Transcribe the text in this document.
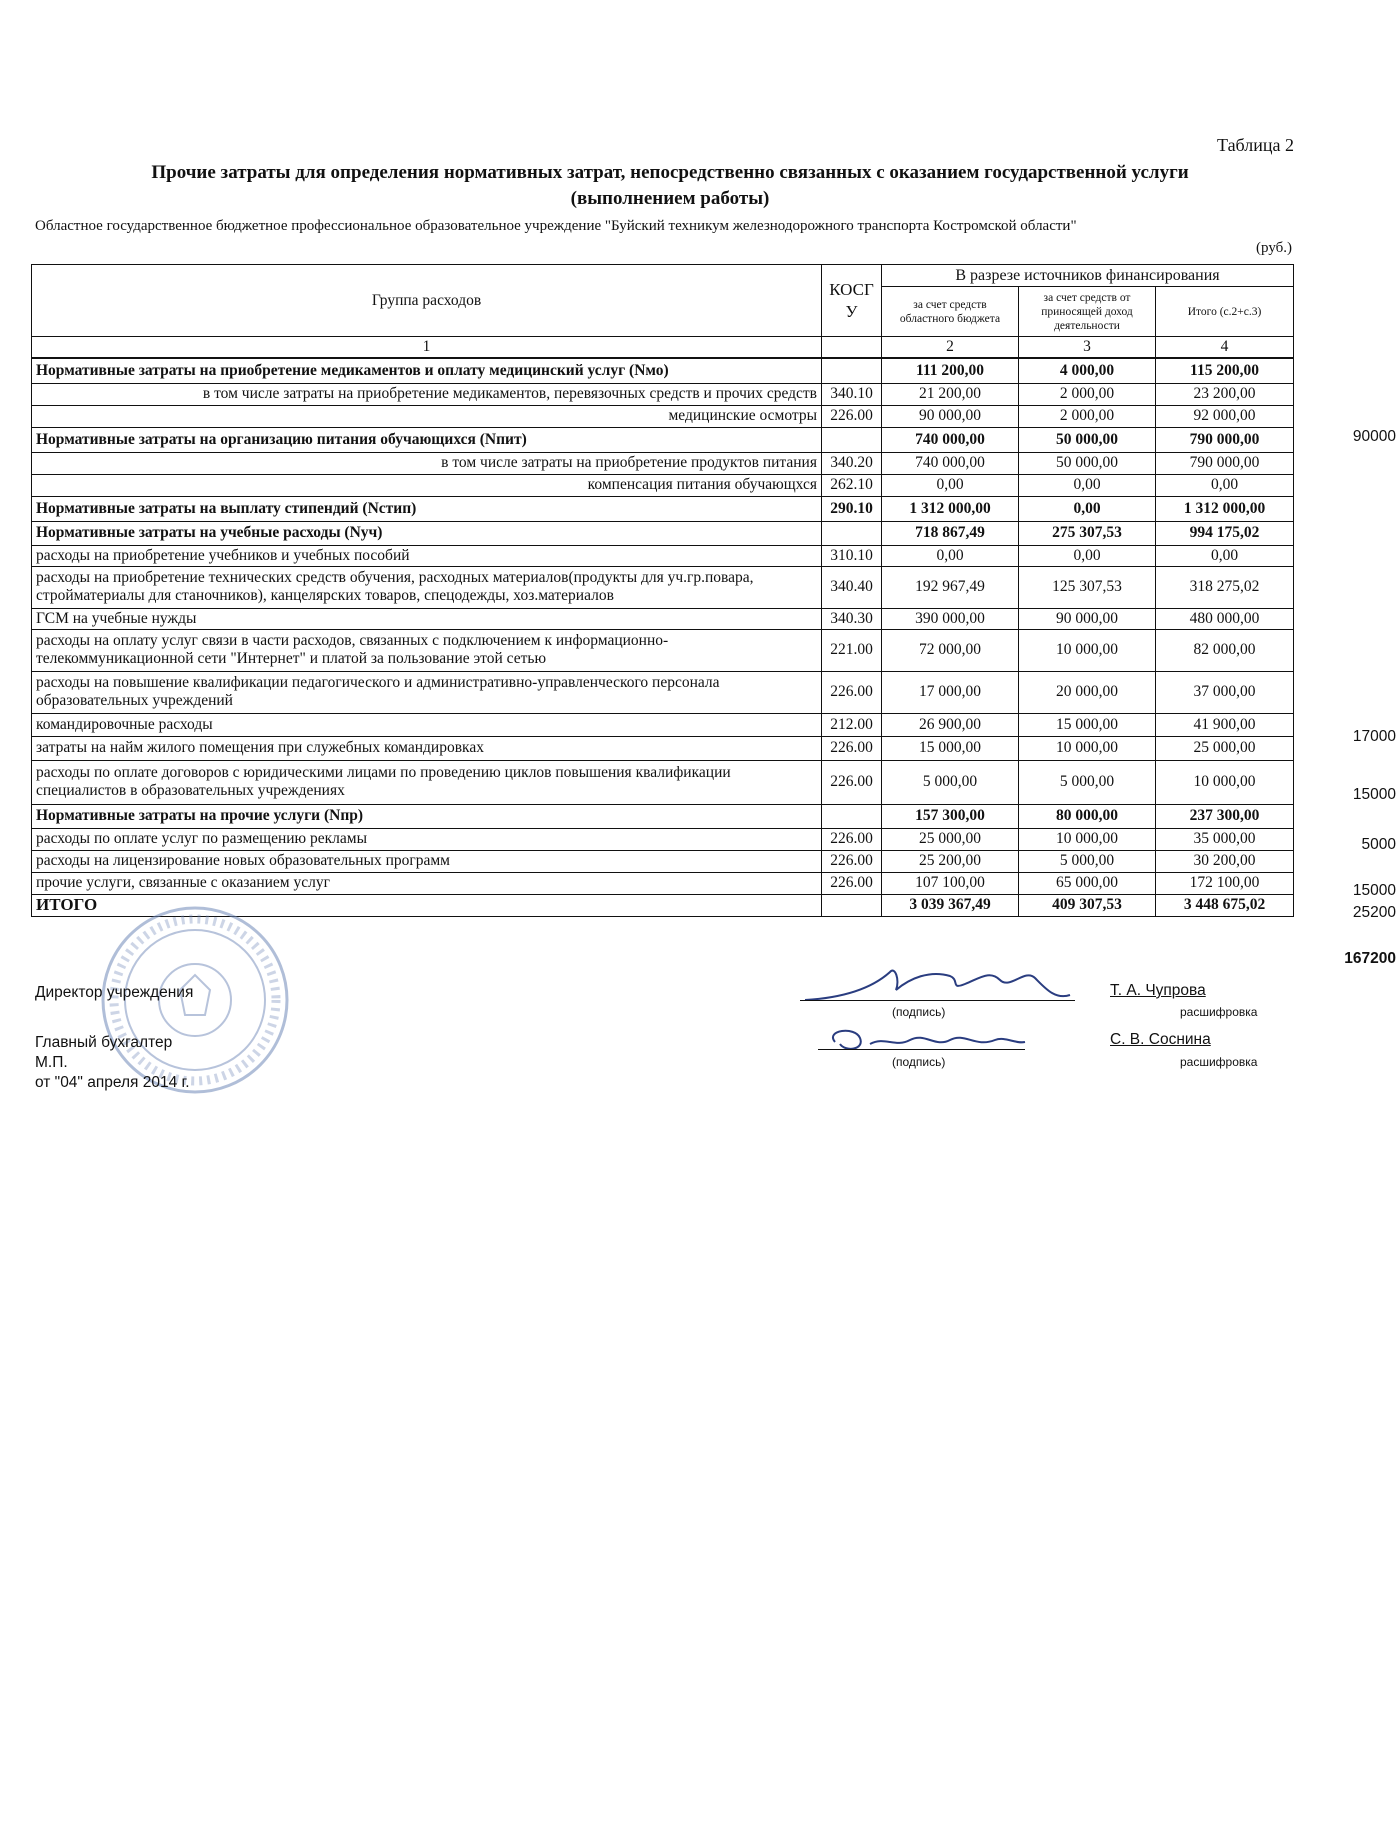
Таблица 2
Прочие затраты для определения нормативных затрат, непосредственно связанных с оказанием государственной услуги
(выполнением работы)
Областное государственное бюджетное профессиональное образовательное учреждение "Буйский техникум железнодорожного транспорта Костромской области"
(руб.)
Группа расходов	КОСГУ	В разрезе источников финансирования		
		за счет средств областного бюджета	за счет средств от приносящей доход деятельности	Итого (с.2+с.3)
1		2	3	4
Нормативные затраты на приобретение медикаментов и оплату медицинский услуг (Nмо)		111 200,00	4 000,00	115 200,00
в том числе затраты на приобретение медикаментов, перевязочных средств и прочих средств	340.10	21 200,00	2 000,00	23 200,00
медицинские осмотры	226.00	90 000,00	2 000,00	92 000,00
Нормативные затраты на организацию питания обучающихся (Nпит)		740 000,00	50 000,00	790 000,00
в том числе затраты на приобретение продуктов питания	340.20	740 000,00	50 000,00	790 000,00
компенсация питания обучающхся	262.10	0,00	0,00	0,00
Нормативные затраты на выплату стипендий (Nстип)	290.10	1 312 000,00	0,00	1 312 000,00
Нормативные затраты на учебные расходы (Nуч)		718 867,49	275 307,53	994 175,02
расходы на приобретение учебников и учебных пособий	310.10	0,00	0,00	0,00
расходы на приобретение технических средств обучения, расходных материалов(продукты для уч.гр.повара, стройматериалы для станочников), канцелярских товаров, спецодежды, хоз.материалов	340.40	192 967,49	125 307,53	318 275,02
ГСМ на учебные нужды	340.30	390 000,00	90 000,00	480 000,00
расходы на оплату услуг связи в части расходов, связанных с подключением к информационно-телекоммуникационной сети "Интернет" и платой за пользование этой сетью	221.00	72 000,00	10 000,00	82 000,00
расходы на повышение квалификации педагогического и административно-управленческого персонала образовательных учреждений	226.00	17 000,00	20 000,00	37 000,00
командировочные расходы	212.00	26 900,00	15 000,00	41 900,00
затраты на найм жилого помещения при служебных командировках	226.00	15 000,00	10 000,00	25 000,00
расходы по оплате договоров с юридическими лицами по проведению циклов повышения квалификации специалистов в образовательных учреждениях	226.00	5 000,00	5 000,00	10 000,00
Нормативные затраты на прочие услуги (Nпр)		157 300,00	80 000,00	237 300,00
расходы по оплате услуг по размещению рекламы	226.00	25 000,00	10 000,00	35 000,00
расходы на лицензирование новых образовательных программ	226.00	25 200,00	5 000,00	30 200,00
прочие услуги, связанные с оказанием услуг	226.00	107 100,00	65 000,00	172 100,00
ИТОГО		3 039 367,49	409 307,53	3 448 675,02
90000
17000
15000
5000
15000
25200
167200
Директор учреждения
(подпись)
Т. А. Чупрова
расшифровка
Главный бухгалтер
(подпись)
С. В. Соснина
расшифровка
М.П.
от "04" апреля 2014 г.
